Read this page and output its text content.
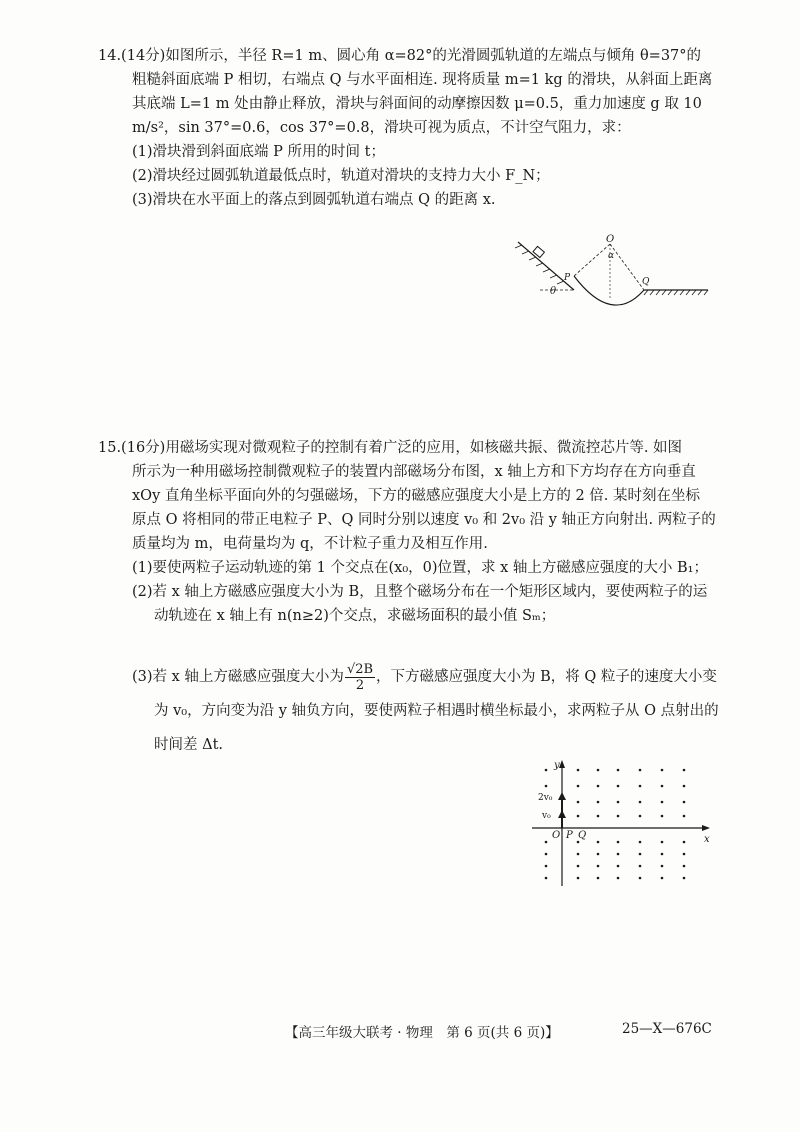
14.(14分)如图所示，半径 R=1 m、圆心角 α=82°的光滑圆弧轨道的左端点与倾角 θ=37°的
粗糙斜面底端 P 相切，右端点 Q 与水平面相连. 现将质量 m=1 kg 的滑块，从斜面上距离
其底端 L=1 m 处由静止释放，滑块与斜面间的动摩擦因数 μ=0.5，重力加速度 g 取 10
m/s²，sin 37°=0.6，cos 37°=0.8，滑块可视为质点，不计空气阻力，求：
(1)滑块滑到斜面底端 P 所用的时间 t；
(2)滑块经过圆弧轨道最低点时，轨道对滑块的支持力大小 F_N；
(3)滑块在水平面上的落点到圆弧轨道右端点 Q 的距离 x.
θ
O
α
P	Q
15.(16分)用磁场实现对微观粒子的控制有着广泛的应用，如核磁共振、微流控芯片等. 如图
所示为一种用磁场控制微观粒子的装置内部磁场分布图，x 轴上方和下方均存在方向垂直
xOy 直角坐标平面向外的匀强磁场，下方的磁感应强度大小是上方的 2 倍. 某时刻在坐标
原点 O 将相同的带正电粒子 P、Q 同时分别以速度 v₀ 和 2v₀ 沿 y 轴正方向射出. 两粒子的
质量均为 m，电荷量均为 q，不计粒子重力及相互作用.
(1)要使两粒子运动轨迹的第 1 个交点在(x₀，0)位置，求 x 轴上方磁感应强度的大小 B₁；
(2)若 x 轴上方磁感应强度大小为 B，且整个磁场分布在一个矩形区域内，要使两粒子的运
动轨迹在 x 轴上有 n(n≥2)个交点，求磁场面积的最小值 Sₘ；
(3)若 x 轴上方磁感应强度大小为 $\frac{√2B}{2}$ ，下方磁感应强度大小为 B，将 Q 粒子的速度大小变
为 v₀，方向变为沿 y 轴负方向，要使两粒子相遇时横坐标最小，求两粒子从 O 点射出的
时间差 Δt.
y
x
2v₀
v₀
O P Q
【高三年级大联考 · 物理　第 6 页(共 6 页)】	25—X—676C
